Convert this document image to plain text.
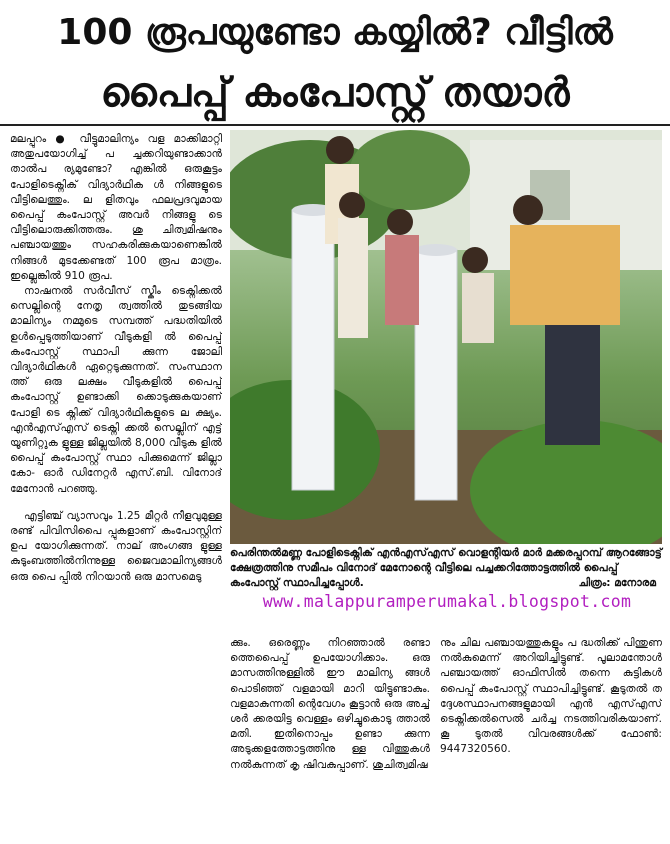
100 രൂപയുണ്ടോ കയ്യിൽ? വീട്ടിൽ
പൈപ്പ് കംപോസ്റ്റ് തയാർ

മലപ്പുറം ● വീട്ടുമാലിന്യം വള മാക്കിമാറ്റി അതുപയോഗിച്ച് പ ച്ചക്കറിയുണ്ടാക്കാൻ താൽപ ര്യമുണ്ടോ? എങ്കിൽ ഒരുകൂട്ടം പോളിടെക്നിക് വിദ്യാർഥിക ൾ നിങ്ങളുടെ വീട്ടിലെത്തും. ല ളിതവും ഫലപ്രദവുമായ പൈപ്പ് കംപോസ്റ്റ് അവർ നിങ്ങളു ടെ വീട്ടിലൊരുക്കിത്തരും. ശു ചിത്വമിഷനും പഞ്ചായത്തും സഹകരിക്കുകയാണെങ്കിൽ നിങ്ങൾ മുടക്കേണ്ടത് 100 രൂപ മാത്രം. ഇല്ലെങ്കിൽ 910 രൂപ.

നാഷനൽ സർവീസ് സ്കീം ടെക്നിക്കൽ സെല്ലിന്റെ നേതൃ ത്വത്തിൽ തുടങ്ങിയ മാലിന്യം നമ്മുടെ സമ്പത്ത് പദ്ധതിയിൽ ഉൾപ്പെടുത്തിയാണ് വീടുകളി ൽ പൈപ്പ് കംപോസ്റ്റ് സ്ഥാപി ക്കുന്ന ജോലി വിദ്യാർഥികൾ ഏറ്റെടുക്കുന്നത്. സംസ്ഥാന ത്ത് ഒരു ലക്ഷം വീടുകളിൽ പൈപ്പ് കംപോസ്റ്റ് ഉണ്ടാക്കി ക്കൊടുക്കുകയാണ് പോളി ടെ ക്നിക്ക് വിദ്യാർഥികളുടെ ല ക്ഷ്യം. എൻഎസ്എസ് ടെക്നി ക്കൽ സെല്ലിന് എട്ട് യൂണിറ്റുക ളുള്ള ജില്ലയിൽ 8,000 വീടുക ളിൽ പൈപ്പ് കംപോസ്റ്റ് സ്ഥാ പിക്കുമെന്ന് ജില്ലാ കോ- ഓർ ഡിനേറ്റർ എസ്.ബി. വിനോദ് മേനോൻ പറഞ്ഞു.

എട്ടിഞ്ച് വ്യാസവും 1.25 മീറ്റർ നീളവുമുള്ള രണ്ട് പിവിസിപൈ പ്പുകളാണ് കംപോസ്റ്റിന് ഉപ യോഗിക്കുന്നത്. നാല് അംഗങ്ങ ളുള്ള കുടുംബത്തിൽനിന്നുള്ള ജൈവമാലിന്യങ്ങൾ ഒരു പൈ പ്പിൽ നിറയാൻ ഒരു മാസമെടു

പെരിന്തൽമണ്ണ പോളിടെക്നിക് എൻഎസ്എസ് വൊളന്റിയർ മാർ മക്കരപ്പറമ്പ് ആറങ്ങോട്ട് ക്ഷേത്രത്തിനു സമീപം വിനോദ് മേനോന്റെ വീട്ടിലെ പച്ചക്കറിത്തോട്ടത്തിൽ പൈപ്പ് കംപോസ്റ്റ് സ്ഥാപിച്ചപ്പോൾ.	ചിത്രം: മനോരമ
www.malappuramperumakal.blogspot.com

ക്കും. ഒരെണ്ണം നിറഞ്ഞാൽ രണ്ടാ ത്തെപൈപ്പ് ഉപയോഗിക്കാം. ഒരു മാസത്തിനുള്ളിൽ ഈ മാലിന്യ ങ്ങൾ പൊടിഞ്ഞ് വളമായി മാറി യിട്ടുണ്ടാകും. വളമാകുന്നതി ന്റെവേഗം കൂട്ടാൻ ഒരു അച്ച് ശർ ക്കരയിട്ട വെള്ളം ഒഴിച്ചുകൊടു ത്താൽ മതി. ഇതിനൊപ്പം ഉണ്ടാ ക്കുന്ന അടുക്കളത്തോട്ടത്തിനു ള്ള വിത്തുകൾ നൽകുന്നത് കൃ ഷിവകുപ്പാണ്. ശുചിത്വമിഷ

നും ചില പഞ്ചായത്തുകളും പ ദ്ധതിക്ക് പിന്തുണ നൽകുമെന്ന് അറിയിച്ചിട്ടുണ്ട്. പൂലാമന്തോൾ പഞ്ചായത്ത് ഓഫിസിൽ തന്നെ കുട്ടികൾ പൈപ്പ് കംപോസ്റ്റ് സ്ഥാപിച്ചിട്ടുണ്ട്. കൂടുതൽ ത ദ്ദേശസ്ഥാപനങ്ങളുമായി എൻ എസ്എസ് ടെക്നിക്കൽസെൽ ചർച്ച നടത്തിവരികയാണ്. കൂ ടുതൽ വിവരങ്ങൾക്ക് ഫോൺ: 9447320560.
